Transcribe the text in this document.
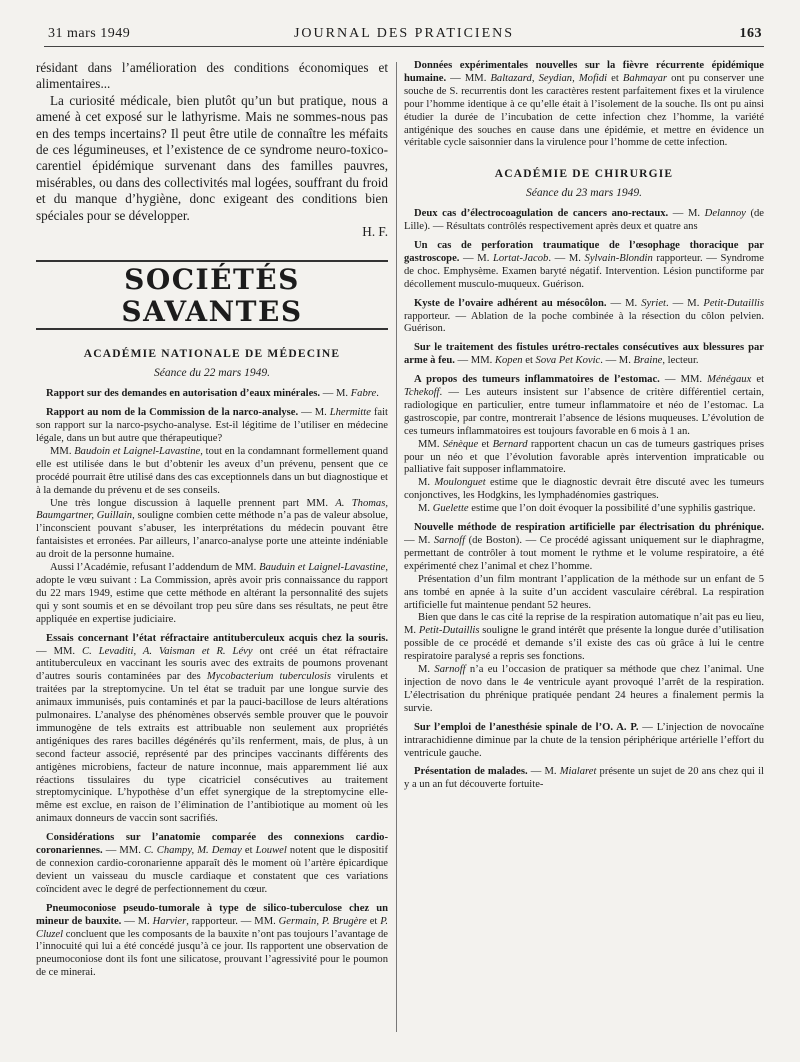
31 mars 1949	JOURNAL DES PRATICIENS	163

résidant dans l’amélioration des conditions économiques et alimentaires...

La curiosité médicale, bien plutôt qu’un but pratique, nous a amené à cet exposé sur le lathyrisme. Mais ne sommes-nous pas en des temps incertains? Il peut être utile de connaître les méfaits de ces légumineuses, et l’existence de ce syndrome neuro-toxico-carentiel épidémique survenant dans des familles pauvres, misérables, ou dans des collectivités mal logées, souffrant du froid et du manque d’hygiène, donc exigeant des conditions bien spéciales pour se développer.

H. F.

SOCIÉTÉS SAVANTES
ACADÉMIE NATIONALE DE MÉDECINE
Séance du 22 mars 1949.

Rapport sur des demandes en autorisation d’eaux minérales. — M. Fabre.

Rapport au nom de la Commission de la narco-analyse. — M. Lhermitte fait son rapport sur la narco-psycho-analyse. Est-il légitime de l’utiliser en médecine légale, dans un but autre que thérapeutique?

MM. Baudoin et Laignel-Lavastine, tout en la condamnant formellement quand elle est utilisée dans le but d’obtenir les aveux d’un prévenu, pensent que ce procédé pourrait être utilisé dans des cas exceptionnels dans un but diagnostique et à la demande du prévenu et de ses conseils.

Une très longue discussion à laquelle prennent part MM. A. Thomas, Baumgartner, Guillain, souligne combien cette méthode n’a pas de valeur absolue, l’inconscient pouvant s’abuser, les interprétations du médecin pouvant être fantaisistes et erronées. Par ailleurs, l’anarco-analyse porte une atteinte indéniable au droit de la personne humaine.

Aussi l’Académie, refusant l’addendum de MM. Bauduin et Laignel-Lavastine, adopte le vœu suivant : La Commission, après avoir pris connaissance du rapport du 22 mars 1949, estime que cette méthode en altérant la personnalité des sujets qui y sont soumis et en se dévoilant trop peu sûre dans ses résultats, ne peut être appliquée en expertise judiciaire.

Essais concernant l’état réfractaire antituberculeux acquis chez la souris. — MM. C. Levaditi, A. Vaisman et R. Lévy ont créé un état réfractaire antituberculeux en vaccinant les souris avec des extraits de poumons provenant d’autres souris contaminées par des Mycobacterium tuberculosis virulents et traitées par la streptomycine. Un tel état se traduit par une longue survie des animaux immunisés, puis contaminés et par la pauci-bacillose de leurs altérations pulmonaires. L’analyse des phénomènes observés semble prouver que le pouvoir immunogène de tels extraits est attribuable non seulement aux propriétés antigéniques des rares bacilles dégénérés qu’ils renferment, mais, de plus, à un second facteur associé, représenté par des principes vaccinants différents des antigènes microbiens, facteur de nature inconnue, mais apparemment lié aux réactions tissulaires du type cicatriciel consécutives au traitement streptomycinique. L’hypothèse d’un effet synergique de la streptomycine elle-même est exclue, en raison de l’élimination de l’antibiotique au moment où les animaux donneurs de vaccin sont sacrifiés.

Considérations sur l’anatomie comparée des connexions cardio-coronariennes. — MM. C. Champy, M. Demay et Louwel notent que le dispositif de connexion cardio-coronarienne apparaît dès le moment où l’artère épicardique devient un vaisseau du muscle cardiaque et constatent que ces variations coïncident avec le degré de perfectionnement du cœur.

Pneumoconiose pseudo-tumorale à type de silico-tuberculose chez un mineur de bauxite. — M. Harvier, rapporteur. — MM. Germain, P. Brugère et P. Cluzel concluent que les composants de la bauxite n’ont pas toujours l’avantage de l’innocuité qui lui a été concédé jusqu’à ce jour. Ils rapportent une observation de pneumoconiose dont ils font une silicatose, prouvant l’agressivité pour le poumon de ce minerai.

Données expérimentales nouvelles sur la fièvre récurrente épidémique humaine. — MM. Baltazard, Seydian, Mofidi et Bahmayar ont pu conserver une souche de S. recurrentis dont les caractères restent parfaitement fixes et la virulence pour l’homme identique à ce qu’elle était à l’isolement de la souche. Ils ont pu ainsi étudier la durée de l’incubation de cette infection chez l’homme, la variété antigénique des souches en cause dans une épidémie, et mettre en évidence un véritable cycle saisonnier dans la virulence pour l’homme de cette infection.

ACADÉMIE DE CHIRURGIE
Séance du 23 mars 1949.

Deux cas d’électrocoagulation de cancers ano-rectaux. — M. Delannoy (de Lille). — Résultats contrôlés respectivement après deux et quatre ans

Un cas de perforation traumatique de l’œsophage thoracique par gastroscope. — M. Lortat-Jacob. — M. Sylvain-Blondin rapporteur. — Syndrome de choc. Emphysème. Examen baryté négatif. Intervention. Lésion punctiforme par décollement musculo-muqueux. Guérison.

Kyste de l’ovaire adhérent au mésocôlon. — M. Syriet. — M. Petit-Dutaillis rapporteur. — Ablation de la poche combinée à la résection du côlon pelvien. Guérison.

Sur le traitement des fistules urétro-rectales consécutives aux blessures par arme à feu. — MM. Kopen et Sova Pet Kovic. — M. Braine, lecteur.

A propos des tumeurs inflammatoires de l’estomac. — MM. Ménégaux et Tchekoff. — Les auteurs insistent sur l’absence de critère différentiel certain, radiologique en particulier, entre tumeur inflammatoire et néo de l’estomac. La gastroscopie, par contre, montrerait l’absence de lésions muqueuses. L’évolution de ces tumeurs inflammatoires est toujours favorable en 6 mois à 1 an.

MM. Sénèque et Bernard rapportent chacun un cas de tumeurs gastriques prises pour un néo et que l’évolution favorable après intervention impraticable ou palliative fait supposer inflammatoire.

M. Moulonguet estime que le diagnostic devrait être discuté avec les tumeurs conjonctives, les Hodgkins, les lymphadénomies gastriques.

M. Guelette estime que l’on doit évoquer la possibilité d’une syphilis gastrique.

Nouvelle méthode de respiration artificielle par électrisation du phrénique. — M. Sarnoff (de Boston). — Ce procédé agissant uniquement sur le diaphragme, permettant de contrôler à tout moment le rythme et le volume respiratoire, a été expérimenté chez l’animal et chez l’homme.

Présentation d’un film montrant l’application de la méthode sur un enfant de 5 ans tombé en apnée à la suite d’un accident vasculaire cérébral. La respiration artificielle fut maintenue pendant 52 heures.

Bien que dans le cas cité la reprise de la respiration automatique n’ait pas eu lieu, M. Petit-Dutaillis souligne le grand intérêt que présente la longue durée d’utilisation possible de ce procédé et demande s’il existe des cas où grâce à lui le centre respiratoire paralysé a repris ses fonctions.

M. Sarnoff n’a eu l’occasion de pratiquer sa méthode que chez l’animal. Une injection de novo dans le 4e ventricule ayant provoqué l’arrêt de la respiration. L’électrisation du phrénique pratiquée pendant 24 heures a finalement permis la survie.

Sur l’emploi de l’anesthésie spinale de l’O. A. P. — L’injection de novocaïne intrarachidienne diminue par la chute de la tension périphérique artérielle l’effort du ventricule gauche.

Présentation de malades. — M. Mialaret présente un sujet de 20 ans chez qui il y a un an fut découverte fortuite-
